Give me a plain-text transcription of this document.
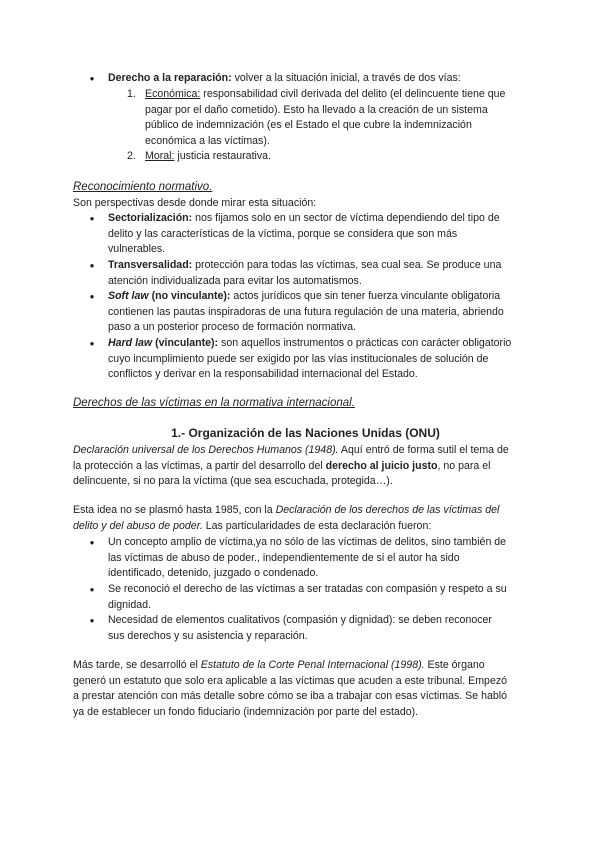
●	Derecho a la reparación: volver a la situación inicial, a través de dos vías:
1. Económica: responsabilidad civil derivada del delito (el delincuente tiene que
pagar por el daño cometido). Esto ha llevado a la creación de un sistema
público de indemnización (es el Estado el que cubre la indemnización
económica a las víctimas).
2. Moral: justicia restaurativa.
Reconocimiento normativo.
Son perspectivas desde donde mirar esta situación:
● Sectorialización: nos fijamos solo en un sector de víctima dependiendo del tipo de
delito y las características de la víctima, porque se considera que son más
vulnerables.
● Transversalidad: protección para todas las víctimas, sea cual sea. Se produce una
atención individualizada para evitar los automatismos.
● Soft law (no vinculante): actos jurídicos que sin tener fuerza vinculante obligatoria
contienen las pautas inspiradoras de una futura regulación de una materia, abriendo
paso a un posterior proceso de formación normativa.
● Hard law (vinculante): son aquellos instrumentos o prácticas con carácter obligatorio
cuyo incumplimiento puede ser exigido por las vías institucionales de solución de
conflictos y derivar en la responsabilidad internacional del Estado.
Derechos de las víctimas en la normativa internacional.
1.- Organización de las Naciones Unidas (ONU)
Declaración universal de los Derechos Humanos (1948). Aquí entró de forma sutil el tema de
la protección a las víctimas, a partir del desarrollo del derecho al juicio justo, no para el
delincuente, si no para la víctima (que sea escuchada, protegida…).
Esta idea no se plasmó hasta 1985, con la Declaración de los derechos de las víctimas del
delito y del abuso de poder. Las particularidades de esta declaración fueron:
● Un concepto amplio de víctima,ya no sólo de las víctimas de delitos, sino también de
las víctimas de abuso de poder., independientemente de si el autor ha sido
identificado, detenido, juzgado o condenado.
● Se reconoció el derecho de las víctimas a ser tratadas con compasión y respeto a su
dignidad.
● Necesidad de elementos cualitativos (compasión y dignidad): se deben reconocer
sus derechos y su asistencia y reparación.
Más tarde, se desarrolló el Estatuto de la Corte Penal Internacional (1998). Este órgano
generó un estatuto que solo era aplicable a las víctimas que acuden a este tribunal. Empezó
a prestar atención con más detalle sobre cómo se iba a trabajar con esas víctimas. Se habló
ya de establecer un fondo fiduciario (indemnización por parte del estado).
